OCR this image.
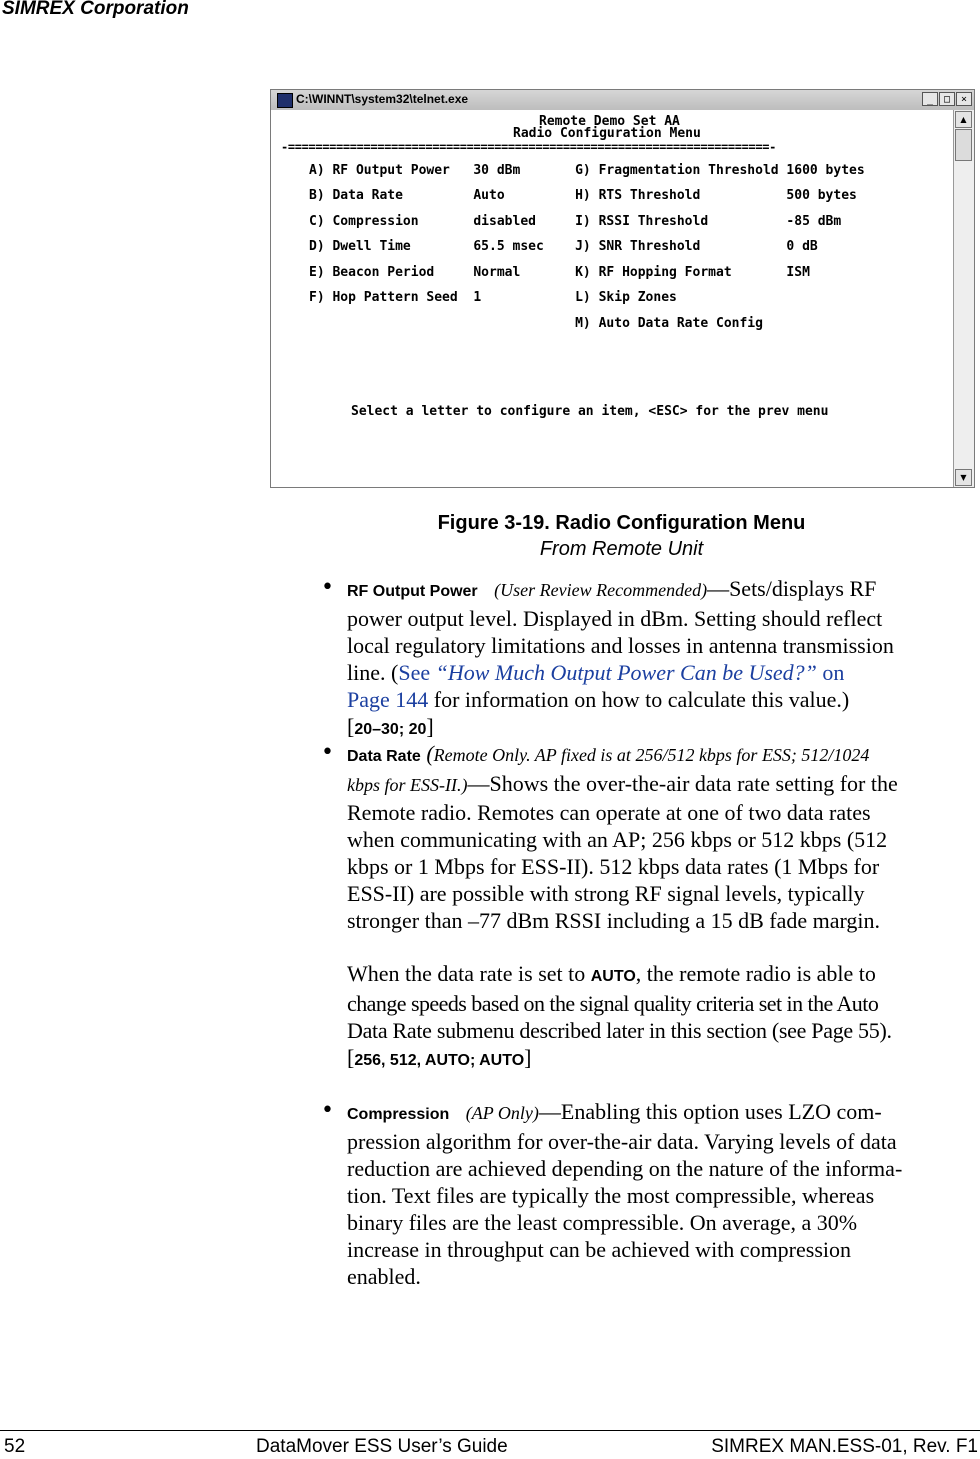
SIMREX Corporation
C:\WINNT\system32\telnet.exe	_	□	×
Remote Demo Set AA
Radio Configuration Menu
-======================================================================-
A) RF Output Power   30 dBm       G) Fragmentation Threshold 1600 bytes
B) Data Rate         Auto         H) RTS Threshold           500 bytes
C) Compression       disabled     I) RSSI Threshold          -85 dBm
D) Dwell Time        65.5 msec    J) SNR Threshold           0 dB
E) Beacon Period     Normal       K) RF Hopping Format       ISM
F) Hop Pattern Seed  1            L) Skip Zones
M) Auto Data Rate Config
Select a letter to configure an item, <ESC> for the prev menu
▲
▼
Figure 3-19. Radio Configuration Menu
From Remote Unit
• RF Output Power (User Review Recommended)—Sets/displays RF
power output level. Displayed in dBm. Setting should reflect
local regulatory limitations and losses in antenna transmission
line. (See “How Much Output Power Can be Used?” on
Page 144 for information on how to calculate this value.)
[20–30; 20]
• Data Rate (Remote Only. AP fixed is at 256/512 kbps for ESS; 512/1024
kbps for ESS-II.)—Shows the over-the-air data rate setting for the
Remote radio. Remotes can operate at one of two data rates
when communicating with an AP; 256 kbps or 512 kbps (512
kbps or 1 Mbps for ESS-II). 512 kbps data rates (1 Mbps for
ESS-II) are possible with strong RF signal levels, typically
stronger than –77 dBm RSSI including a 15 dB fade margin.
When the data rate is set to AUTO, the remote radio is able to
change speeds based on the signal quality criteria set in the Auto
Data Rate submenu described later in this section (see Page 55).
[256, 512, AUTO; AUTO]
• Compression (AP Only)—Enabling this option uses LZO com-
pression algorithm for over-the-air data. Varying levels of data
reduction are achieved depending on the nature of the informa-
tion. Text files are typically the most compressible, whereas
binary files are the least compressible. On average, a 30%
increase in throughput can be achieved with compression
enabled.
52	DataMover ESS User’s Guide	SIMREX MAN.ESS-01, Rev. F1
